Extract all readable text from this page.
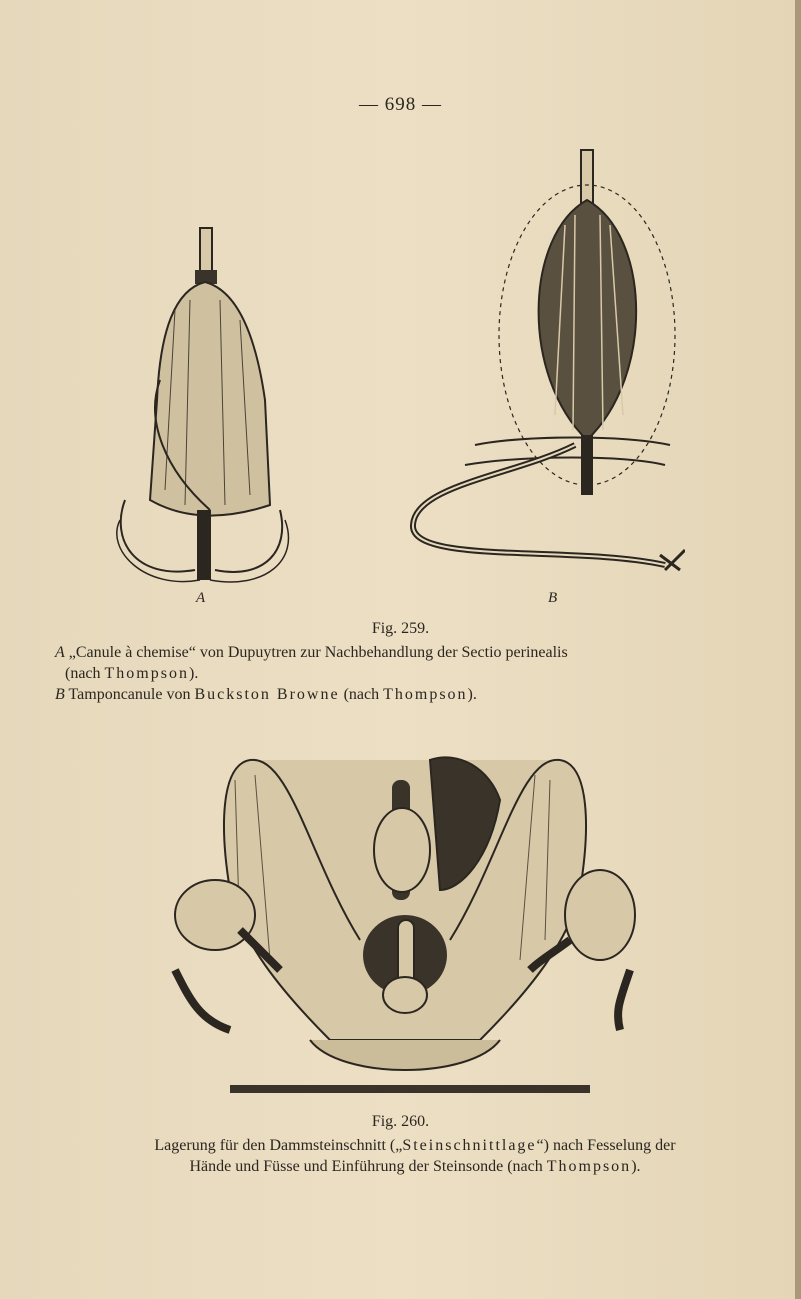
— 698 —
A	B
Fig. 259.
A „Canule à chemise“ von Dupuytren zur Nachbehandlung der Sectio perinealis
(nach Thompson).
B Tamponcanule von Buckston Browne (nach Thompson).
Fig. 260.
Lagerung für den Dammsteinschnitt („Steinschnittlage“) nach Fesselung der
Hände und Füsse und Einführung der Steinsonde (nach Thompson).
